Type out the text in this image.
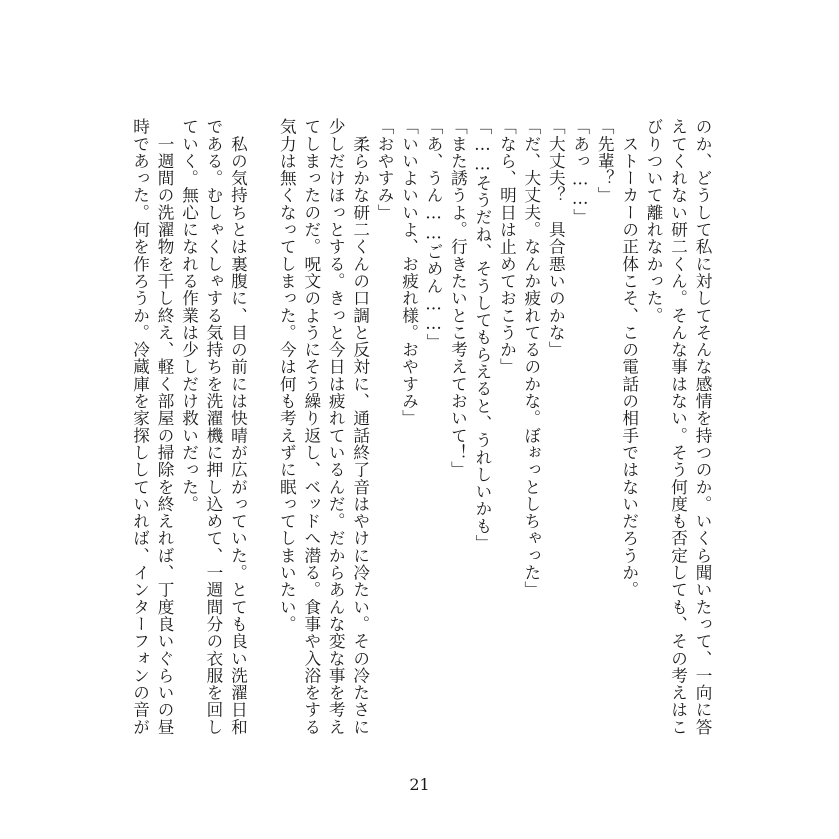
のか、どうして私に対してそんな感情を持つのか。いくら聞いたって、一向に答
えてくれない研二くん。そんな事はない。そう何度も否定しても、その考えはこ
びりついて離れなかった。
　ストーカーの正体こそ、この電話の相手ではないだろうか。
「先輩？」
「あっ……」
「大丈夫？　具合悪いのかな」
「だ、大丈夫。なんか疲れてるのかな。ぼぉっとしちゃった」
「なら、明日は止めておこうか」
「……そうだね、そうしてもらえると、うれしいかも」
「また誘うよ。行きたいとこ考えておいて！」
「あ、うん……ごめん……」
「いいよいいよ、お疲れ様。おやすみ」
「おやすみ」
　柔らかな研二くんの口調と反対に、通話終了音はやけに冷たい。その冷たさに
少しだけほっとする。きっと今日は疲れているんだ。だからあんな変な事を考え
てしまったのだ。呪文のようにそう繰り返し、ベッドへ潜る。食事や入浴をする
気力は無くなってしまった。今は何も考えずに眠ってしまいたい。
　私の気持ちとは裏腹に、目の前には快晴が広がっていた。とても良い洗濯日和
である。むしゃくしゃする気持ちを洗濯機に押し込めて、一週間分の衣服を回し
ていく。無心になれる作業は少しだけ救いだった。
　一週間の洗濯物を干し終え、軽く部屋の掃除を終えれば、丁度良いぐらいの昼
時であった。何を作ろうか。冷蔵庫を家探ししていれば、インターフォンの音が
21
